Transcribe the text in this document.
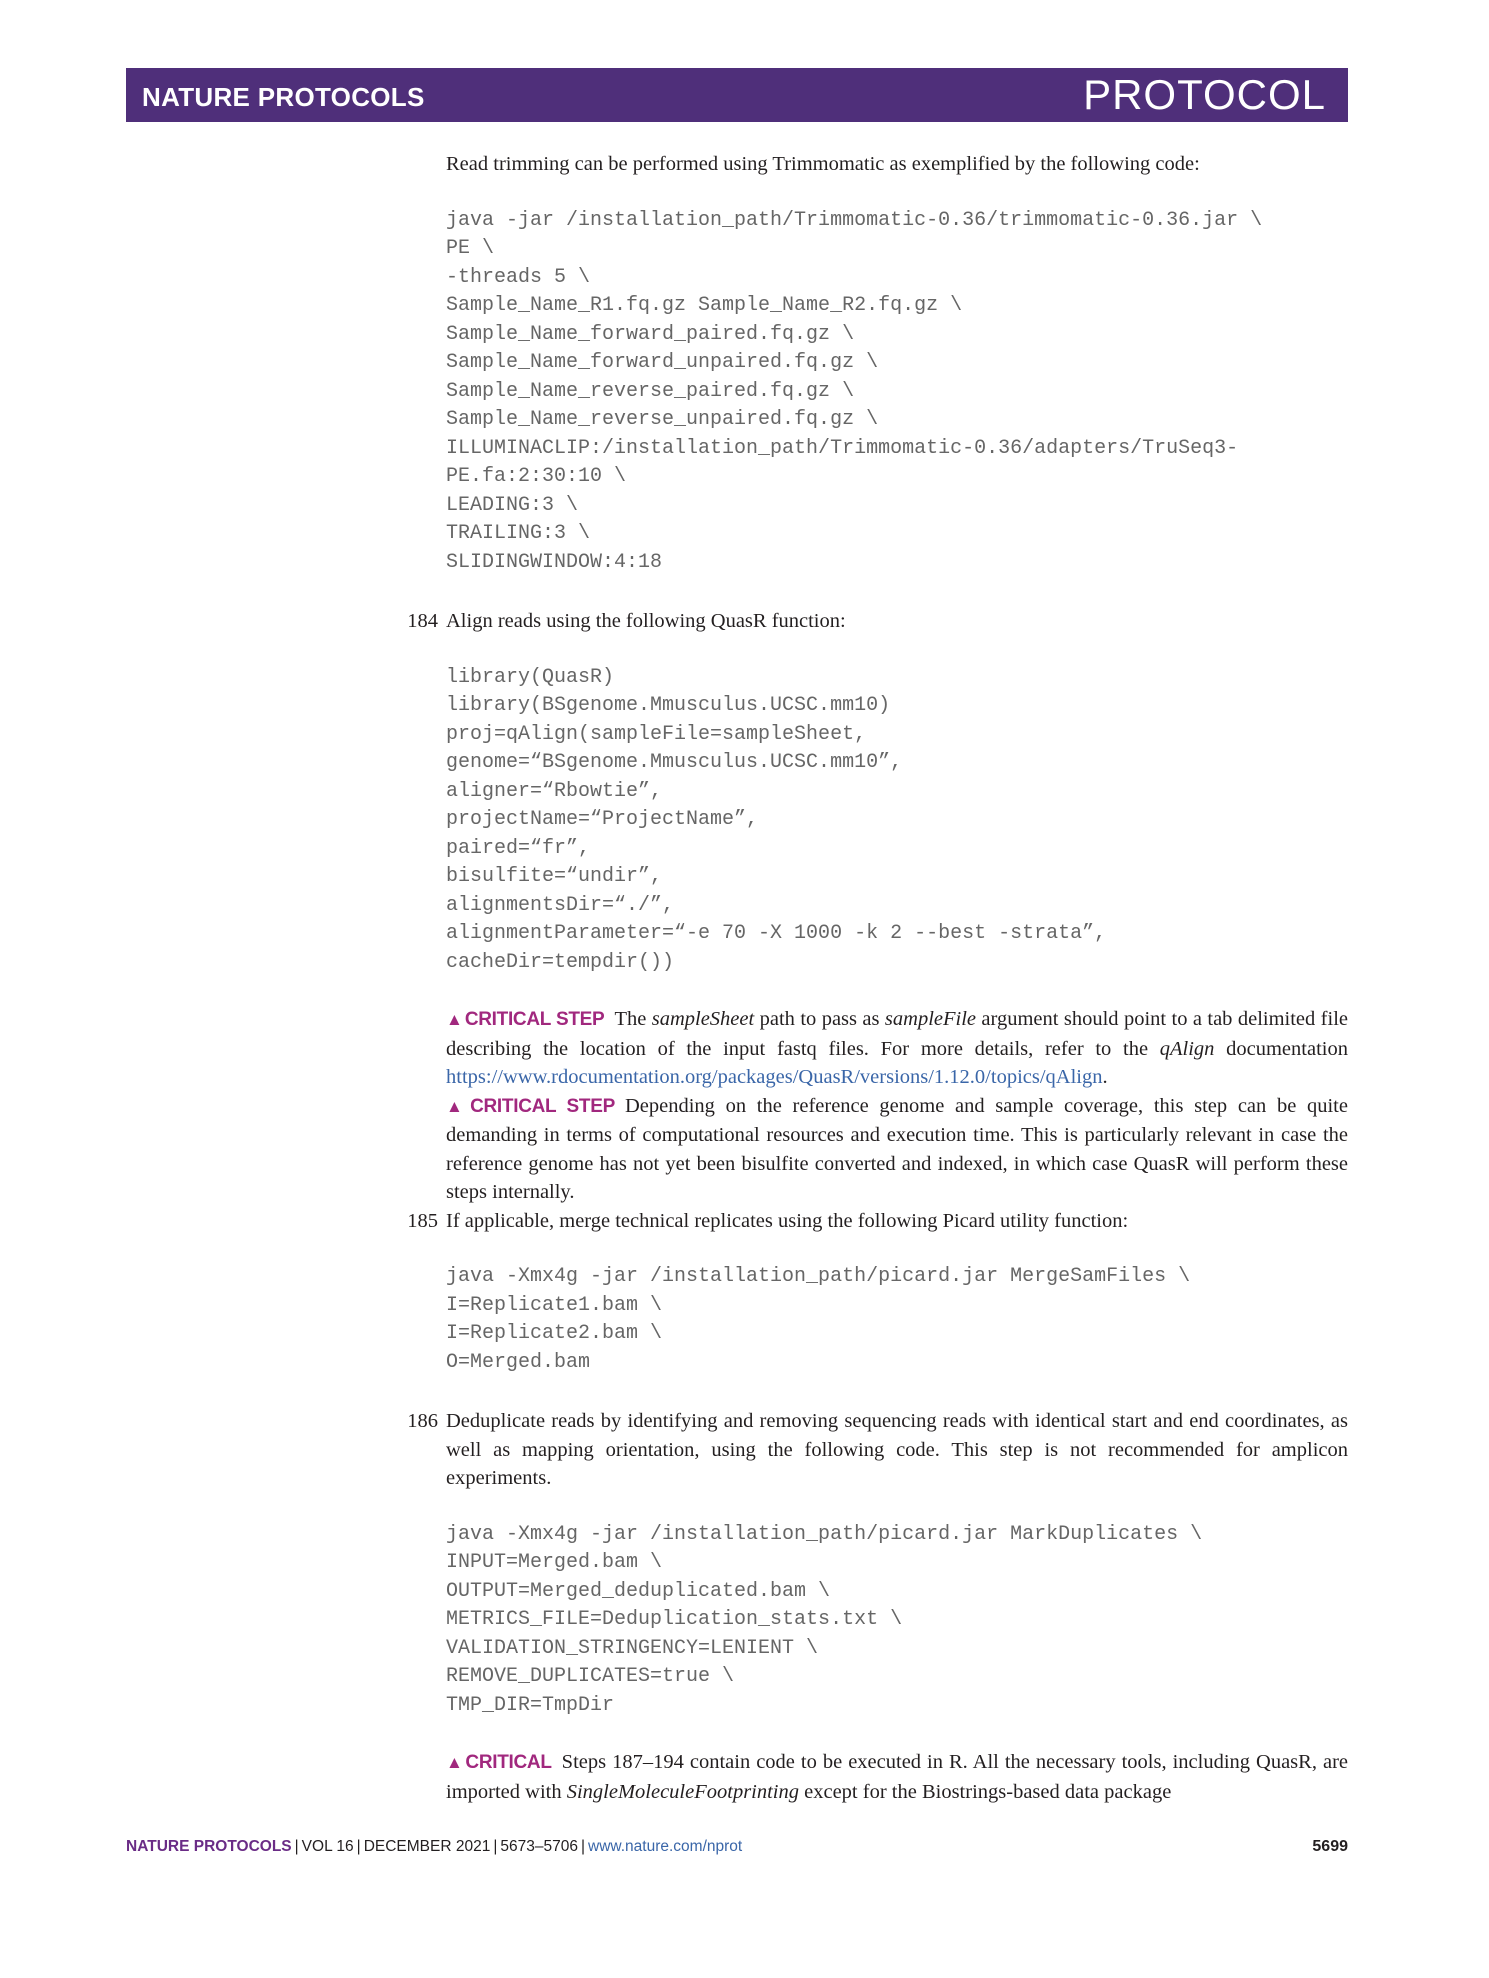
NATURE PROTOCOLS	PROTOCOL

Read trimming can be performed using Trimmomatic as exemplified by the following code:

java -jar /installation_path/Trimmomatic-0.36/trimmomatic-0.36.jar \
PE \
-threads 5 \
Sample_Name_R1.fq.gz Sample_Name_R2.fq.gz \
Sample_Name_forward_paired.fq.gz \
Sample_Name_forward_unpaired.fq.gz \
Sample_Name_reverse_paired.fq.gz \
Sample_Name_reverse_unpaired.fq.gz \
ILLUMINACLIP:/installation_path/Trimmomatic-0.36/adapters/TruSeq3-
PE.fa:2:30:10 \
LEADING:3 \
TRAILING:3 \
SLIDINGWINDOW:4:18
184 Align reads using the following QuasR function:

library(QuasR)
library(BSgenome.Mmusculus.UCSC.mm10)
proj=qAlign(sampleFile=sampleSheet,
genome=“BSgenome.Mmusculus.UCSC.mm10”,
aligner=“Rbowtie”,
projectName=“ProjectName”,
paired=“fr”,
bisulfite=“undir”,
alignmentsDir=“./”,
alignmentParameter=“-e 70 -X 1000 -k 2 --best -strata”,
cacheDir=tempdir())

▲ CRITICAL STEP The sampleSheet path to pass as sampleFile argument should point to a tab delimited file describing the location of the input fastq files. For more details, refer to the qAlign documentation https://www.rdocumentation.org/packages/QuasR/versions/1.12.0/topics/qAlign.

▲ CRITICAL STEP Depending on the reference genome and sample coverage, this step can be quite demanding in terms of computational resources and execution time. This is particularly relevant in case the reference genome has not yet been bisulfite converted and indexed, in which case QuasR will perform these steps internally.

185 If applicable, merge technical replicates using the following Picard utility function:

java -Xmx4g -jar /installation_path/picard.jar MergeSamFiles \
I=Replicate1.bam \
I=Replicate2.bam \
O=Merged.bam
186 Deduplicate reads by identifying and removing sequencing reads with identical start and end coordinates, as well as mapping orientation, using the following code. This step is not recommended for amplicon experiments.

java -Xmx4g -jar /installation_path/picard.jar MarkDuplicates \
INPUT=Merged.bam \
OUTPUT=Merged_deduplicated.bam \
METRICS_FILE=Deduplication_stats.txt \
VALIDATION_STRINGENCY=LENIENT \
REMOVE_DUPLICATES=true \
TMP_DIR=TmpDir

▲ CRITICAL Steps 187–194 contain code to be executed in R. All the necessary tools, including QuasR, are imported with SingleMoleculeFootprinting except for the Biostrings-based data package

NATURE PROTOCOLS | VOL 16 | DECEMBER 2021 | 5673–5706 | www.nature.com/nprot	5699
